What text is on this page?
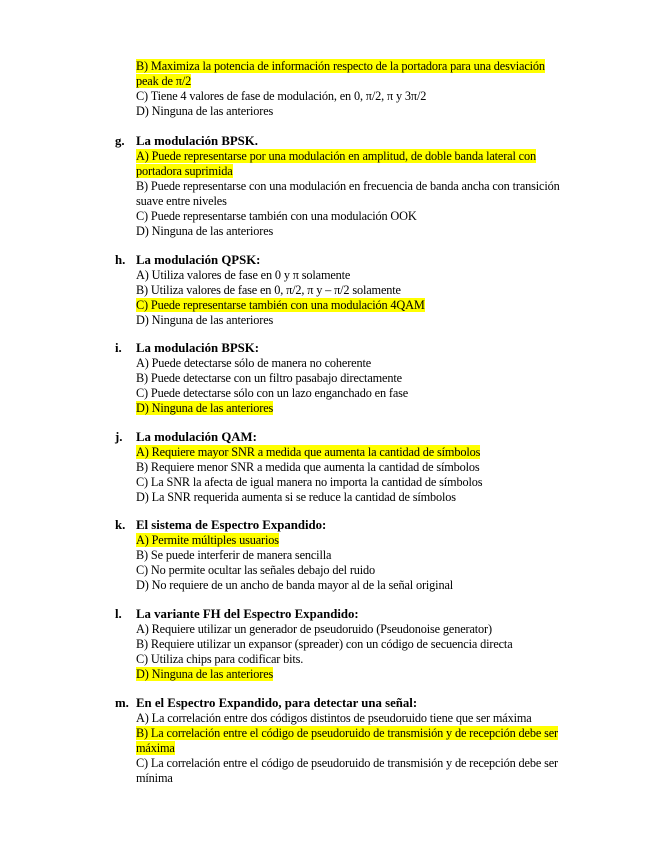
B) Maximiza la potencia de información respecto de la portadora para una desviación
peak de π/2
C) Tiene 4 valores de fase de modulación, en 0, π/2, π y 3π/2
D) Ninguna de las anteriores
g. La modulación BPSK.
A) Puede representarse por una modulación en amplitud, de doble banda lateral con
portadora suprimida
B) Puede representarse con una modulación en frecuencia de banda ancha con transición
suave entre niveles
C) Puede representarse también con una modulación OOK
D) Ninguna de las anteriores
h. La modulación QPSK:
A) Utiliza valores de fase en 0 y π solamente
B) Utiliza valores de fase en 0, π/2, π y – π/2 solamente
C) Puede representarse también con una modulación 4QAM
D) Ninguna de las anteriores
i. La modulación BPSK:
A) Puede detectarse sólo de manera no coherente
B) Puede detectarse con un filtro pasabajo directamente
C) Puede detectarse sólo con un lazo enganchado en fase
D) Ninguna de las anteriores
j. La modulación QAM:
A) Requiere mayor SNR a medida que aumenta la cantidad de símbolos
B) Requiere menor SNR a medida que aumenta la cantidad de símbolos
C) La SNR la afecta de igual manera no importa la cantidad de símbolos
D) La SNR requerida aumenta si se reduce la cantidad de símbolos
k. El sistema de Espectro Expandido:
A) Permite múltiples usuarios
B) Se puede interferir de manera sencilla
C) No permite ocultar las señales debajo del ruido
D) No requiere de un ancho de banda mayor al de la señal original
l. La variante FH del Espectro Expandido:
A) Requiere utilizar un generador de pseudoruido (Pseudonoise generator)
B) Requiere utilizar un expansor (spreader) con un código de secuencia directa
C) Utiliza chips para codificar bits.
D) Ninguna de las anteriores
m. En el Espectro Expandido, para detectar una señal:
A) La correlación entre dos códigos distintos de pseudoruido tiene que ser máxima
B) La correlación entre el código de pseudoruido de transmisión y de recepción debe ser
máxima
C) La correlación entre el código de pseudoruido de transmisión y de recepción debe ser
mínima
